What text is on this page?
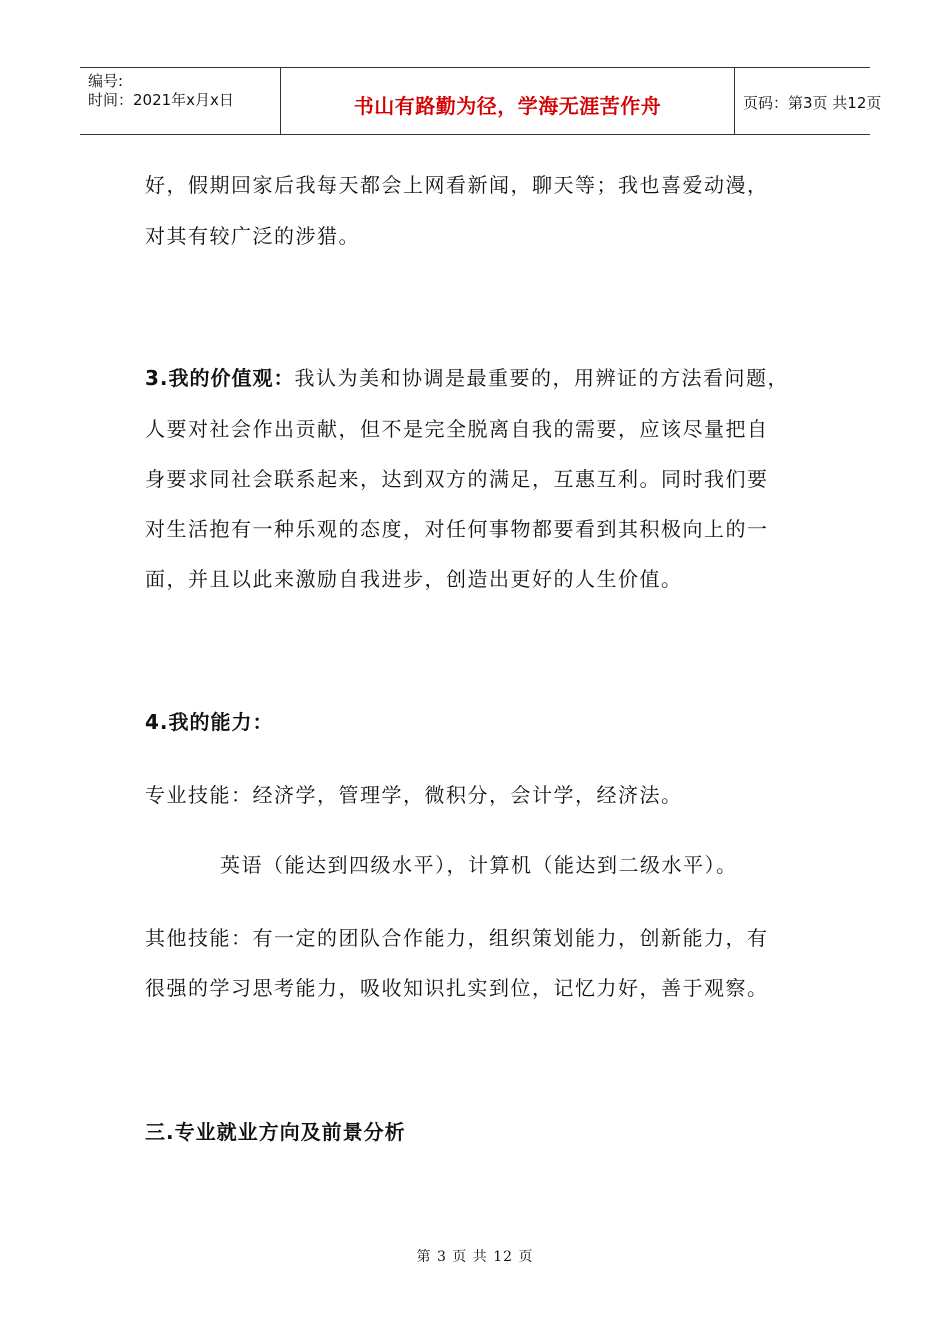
编号:
时间：2021年x月x日	书山有路勤为径，学海无涯苦作舟	页码：第3页 共12页
好，假期回家后我每天都会上网看新闻，聊天等；我也喜爱动漫，
对其有较广泛的涉猎。
3.我的价值观：我认为美和协调是最重要的，用辨证的方法看问题，
人要对社会作出贡献，但不是完全脱离自我的需要，应该尽量把自
身要求同社会联系起来，达到双方的满足，互惠互利。同时我们要
对生活抱有一种乐观的态度，对任何事物都要看到其积极向上的一
面，并且以此来激励自我进步，创造出更好的人生价值。
4.我的能力：
专业技能：经济学，管理学，微积分，会计学，经济法。
英语（能达到四级水平），计算机（能达到二级水平）。
其他技能：有一定的团队合作能力，组织策划能力，创新能力，有
很强的学习思考能力，吸收知识扎实到位，记忆力好，善于观察。
三.专业就业方向及前景分析
第 3 页 共 12 页
